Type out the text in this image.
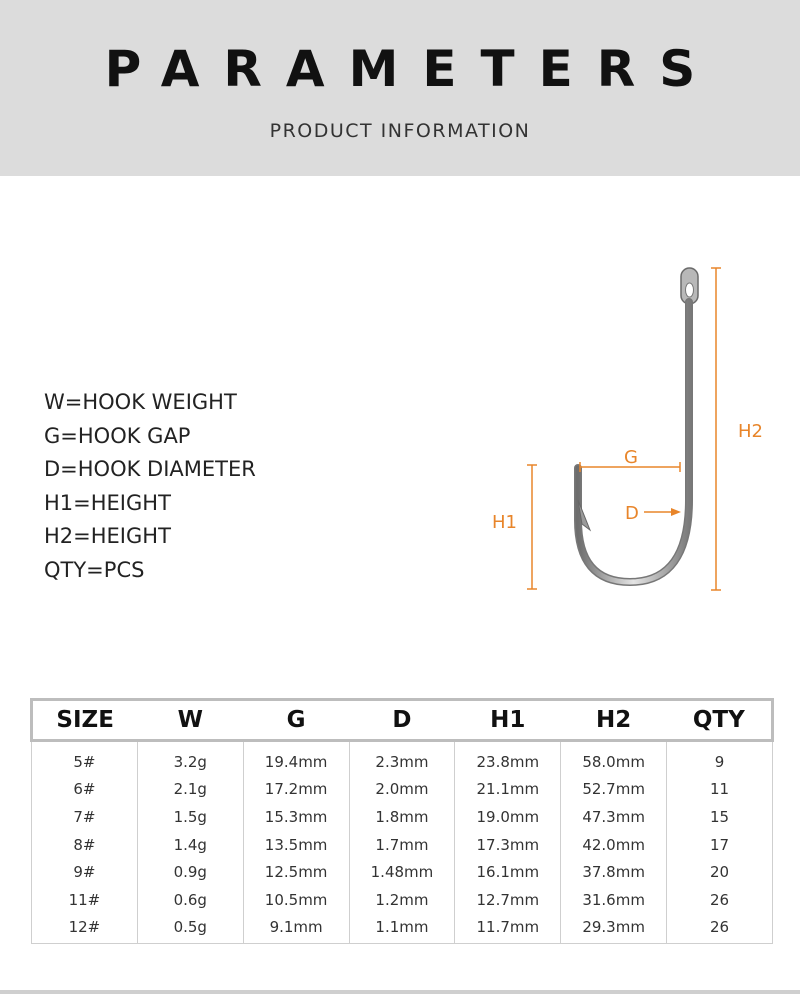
PARAMETERS
PRODUCT INFORMATION
W=HOOK WEIGHT
G=HOOK GAP
D=HOOK DIAMETER
H1=HEIGHT
H2=HEIGHT
QTY=PCS
H2
H1
G
D
SIZE	W	G	D	H1	H2	QTY
5#	3.2g	19.4mm	2.3mm	23.8mm	58.0mm	9
6#	2.1g	17.2mm	2.0mm	21.1mm	52.7mm	11
7#	1.5g	15.3mm	1.8mm	19.0mm	47.3mm	15
8#	1.4g	13.5mm	1.7mm	17.3mm	42.0mm	17
9#	0.9g	12.5mm	1.48mm	16.1mm	37.8mm	20
11#	0.6g	10.5mm	1.2mm	12.7mm	31.6mm	26
12#	0.5g	9.1mm	1.1mm	11.7mm	29.3mm	26
